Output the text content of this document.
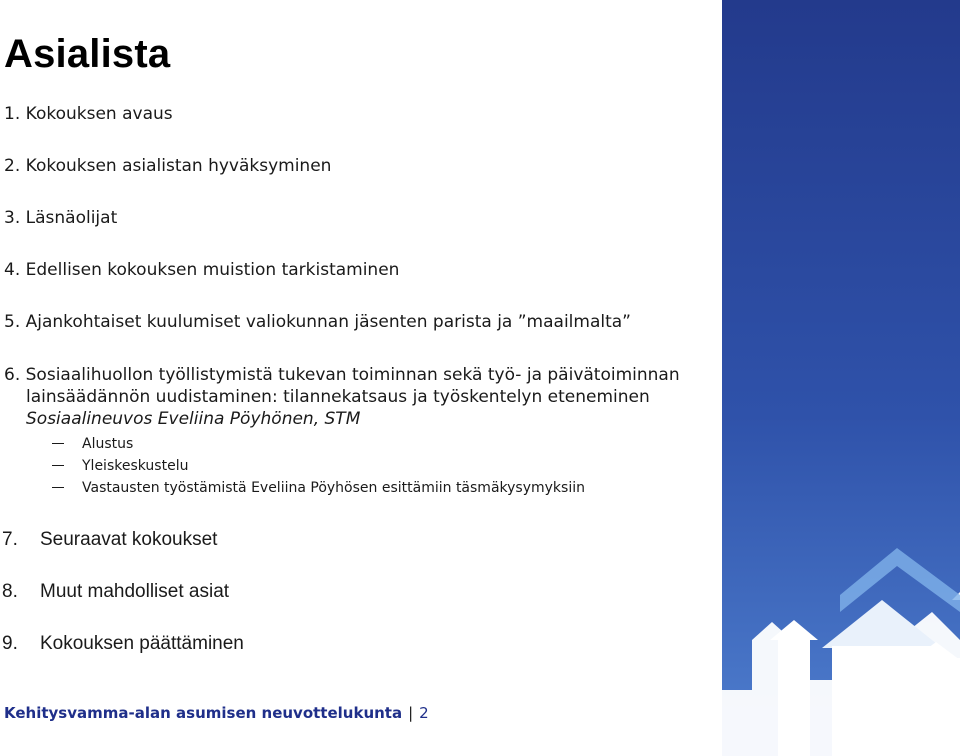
Asialista
1. Kokouksen avaus
2. Kokouksen asialistan hyväksyminen
3. Läsnäolijat
4. Edellisen kokouksen muistion tarkistaminen
5. Ajankohtaiset kuulumiset valiokunnan jäsenten parista ja ”maailmalta”
6. Sosiaalihuollon työllistymistä tukevan toiminnan sekä työ- ja päivätoiminnan
lainsäädännön uudistaminen: tilannekatsaus ja työskentelyn eteneminen
Sosiaalineuvos Eveliina Pöyhönen, STM
Alustus
Yleiskeskustelu
Vastausten työstämistä Eveliina Pöyhösen esittämiin täsmäkysymyksiin
7. Seuraavat kokoukset
8. Muut mahdolliset asiat
9. Kokouksen päättäminen
Kehitysvamma-alan asumisen neuvottelukunta | 2
